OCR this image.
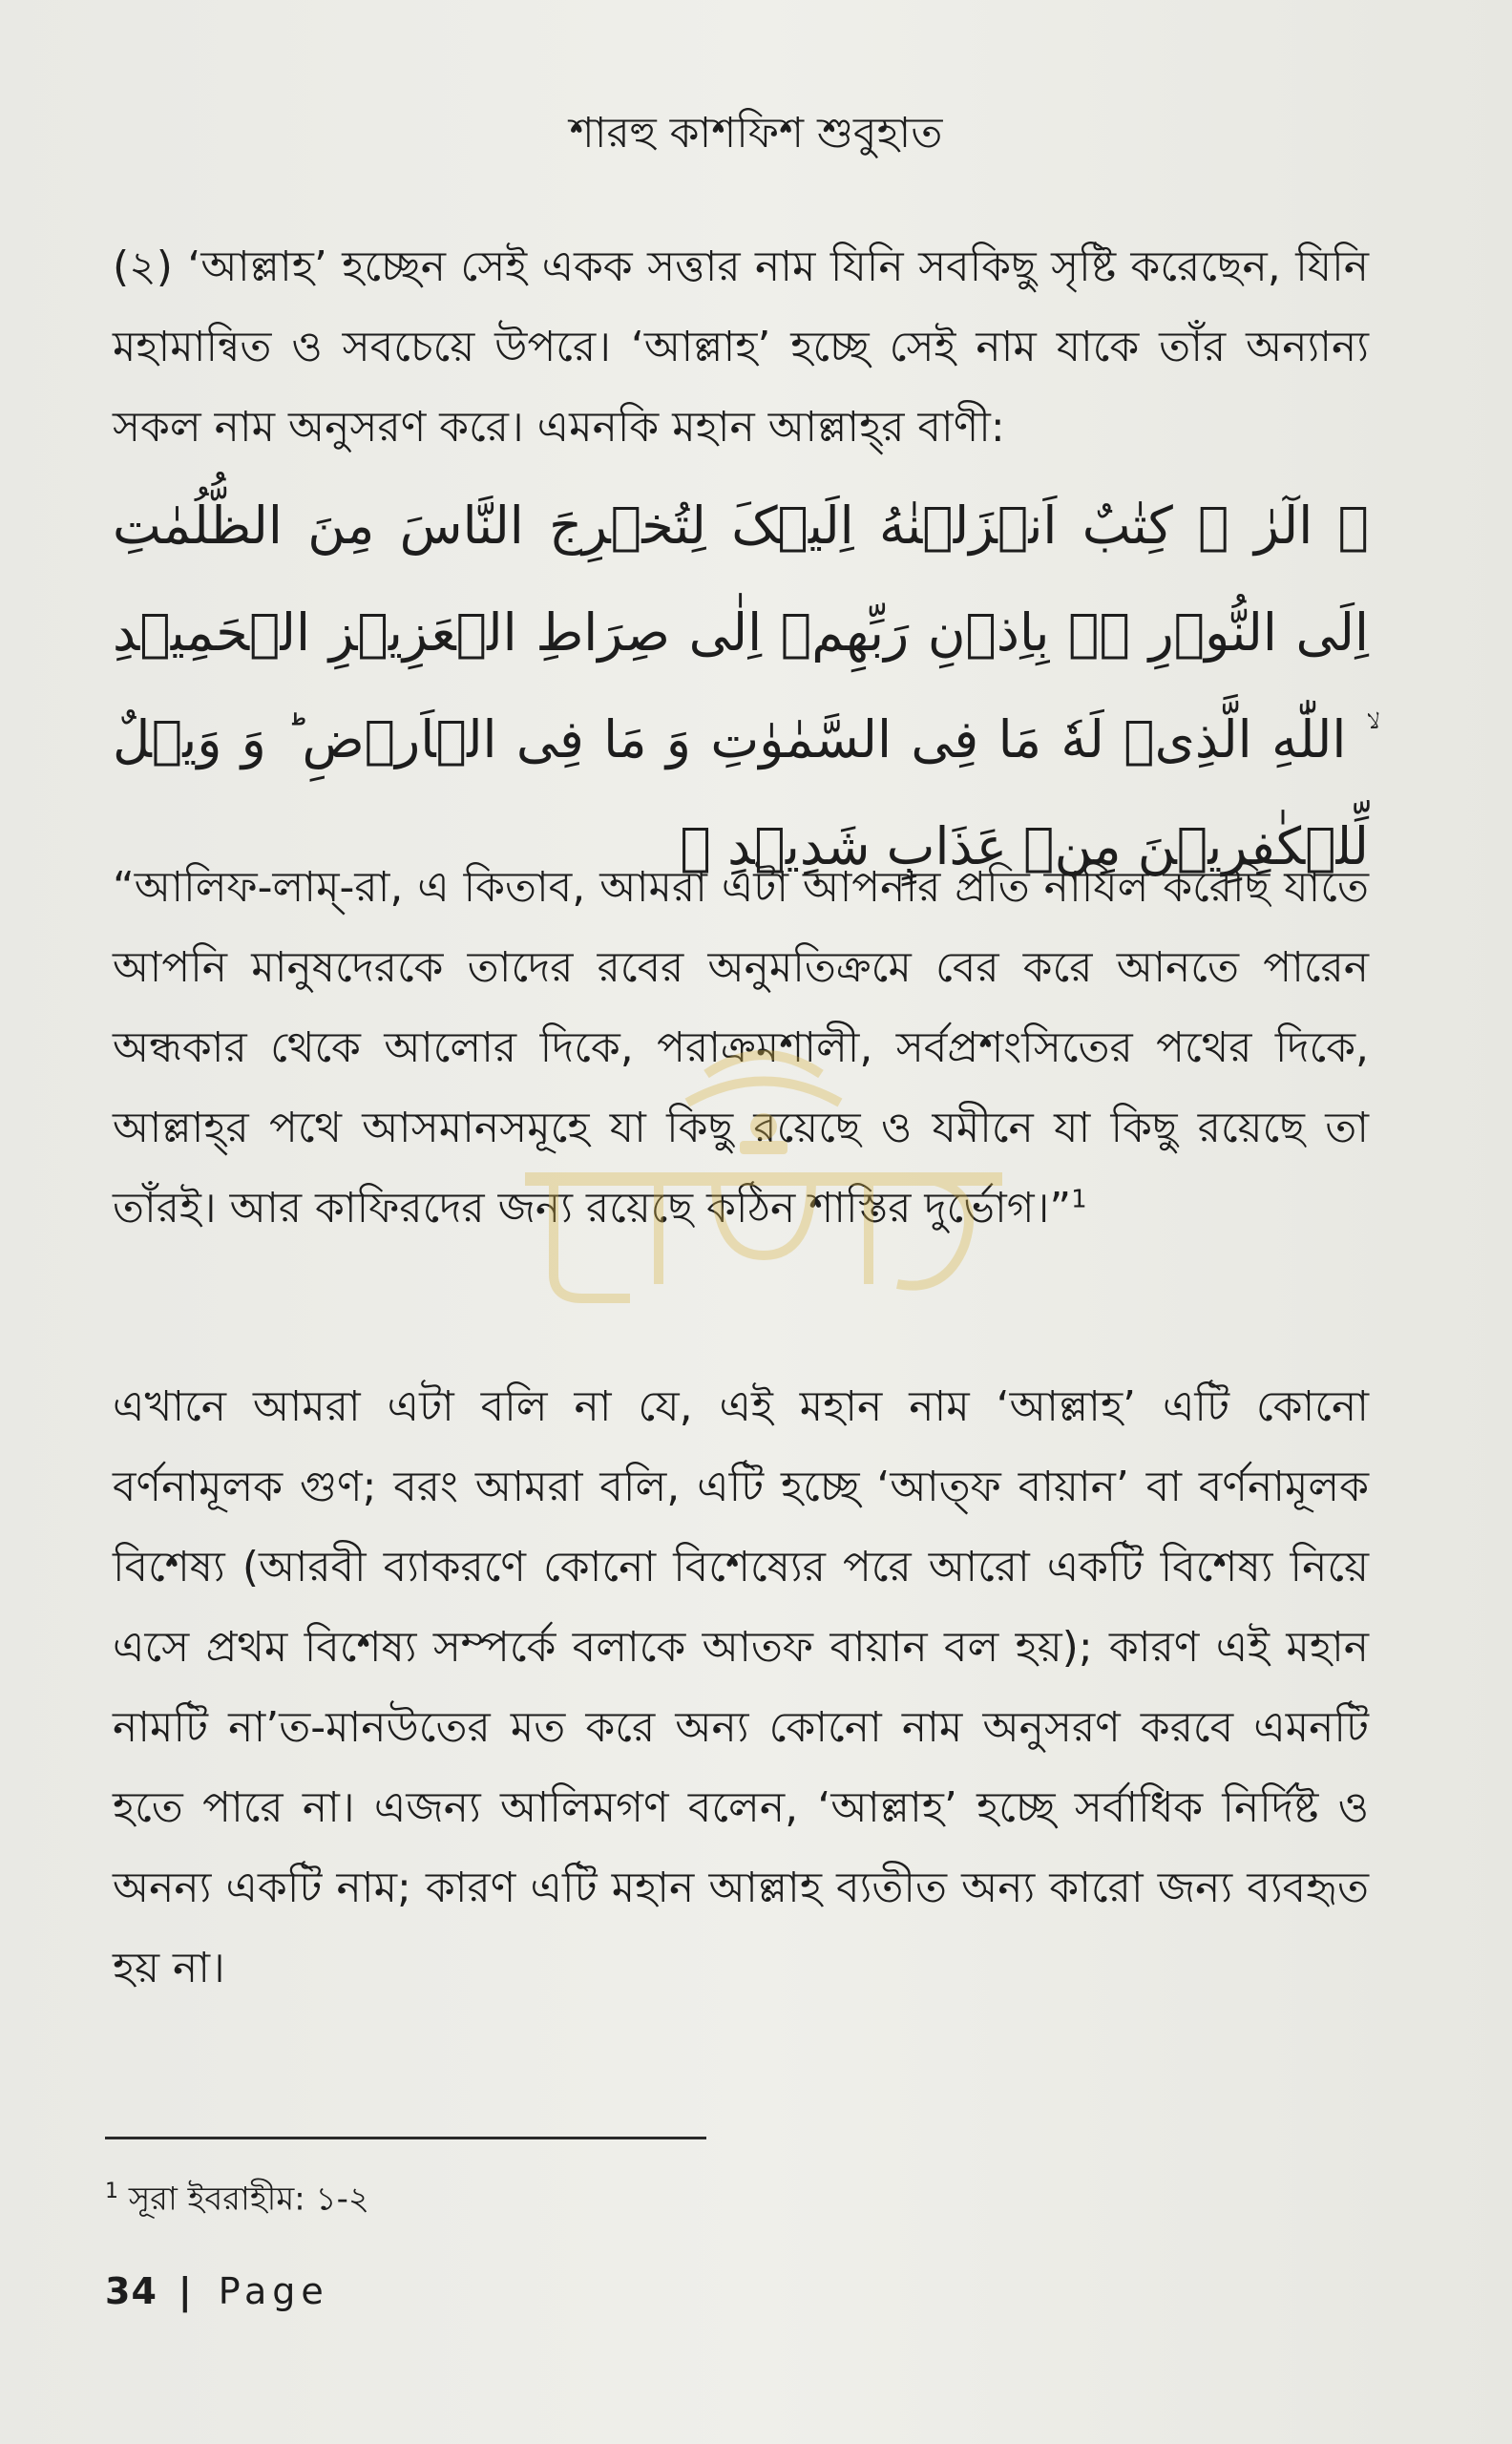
শারহু কাশফিশ শুবুহাত
(২) ‘আল্লাহ’ হচ্ছেন সেই একক সত্তার নাম যিনি সবকিছু সৃষ্টি করেছেন, যিনি মহামান্বিত ও সবচেয়ে উপরে। ‘আল্লাহ’ হচ্ছে সেই নাম যাকে তাঁর অন্যান্য সকল নাম অনুসরণ করে। এমনকি মহান আল্লাহ্‌র বাণী:
﴿ الٓرٰ ۚ كِتٰبٌ اَنۡزَلۡنٰهُ اِلَیۡکَ لِتُخۡرِجَ النَّاسَ مِنَ الظُّلُمٰتِ اِلَی النُّوۡرِ ۬ۙ بِاِذۡنِ رَبِّهِمۡ اِلٰی صِرَاطِ الۡعَزِیۡزِ الۡحَمِیۡدِ ۙ اللّٰهِ الَّذِیۡ لَهٗ مَا فِی السَّمٰوٰتِ وَ مَا فِی الۡاَرۡضِ ؕ وَ وَیۡلٌ لِّلۡکٰفِرِیۡنَ مِنۡ عَذَابٍ شَدِیۡدِ ﴾
“আলিফ-লাম্-রা, এ কিতাব, আমরা এটা আপনার প্রতি নাযিল করেছি যাতে আপনি মানুষদেরকে তাদের রবের অনুমতিক্রমে বের করে আনতে পারেন অন্ধকার থেকে আলোর দিকে, পরাক্রমশালী, সর্বপ্রশংসিতের পথের দিকে, আল্লাহ্‌র পথে আসমানসমূহে যা কিছু রয়েছে ও যমীনে যা কিছু রয়েছে তা তাঁরই। আর কাফিরদের জন্য রয়েছে কঠিন শাস্তির দুর্ভোগ।”$^1$
এখানে আমরা এটা বলি না যে, এই মহান নাম ‘আল্লাহ’ এটি কোনো বর্ণনামূলক গুণ; বরং আমরা বলি, এটি হচ্ছে ‘আত্‌ফ বায়ান’ বা বর্ণনামূলক বিশেষ্য (আরবী ব্যাকরণে কোনো বিশেষ্যের পরে আরো একটি বিশেষ্য নিয়ে এসে প্রথম বিশেষ্য সম্পর্কে বলাকে আতফ বায়ান বল হয়); কারণ এই মহান নামটি না’ত-মানউতের মত করে অন্য কোনো নাম অনুসরণ করবে এমনটি হতে পারে না। এজন্য আলিমগণ বলেন, ‘আল্লাহ’ হচ্ছে সর্বাধিক নির্দিষ্ট ও অনন্য একটি নাম; কারণ এটি মহান আল্লাহ ব্যতীত অন্য কারো জন্য ব্যবহৃত হয় না।
$^1$ সূরা ইবরাহীম: ১-২
34 | Page
